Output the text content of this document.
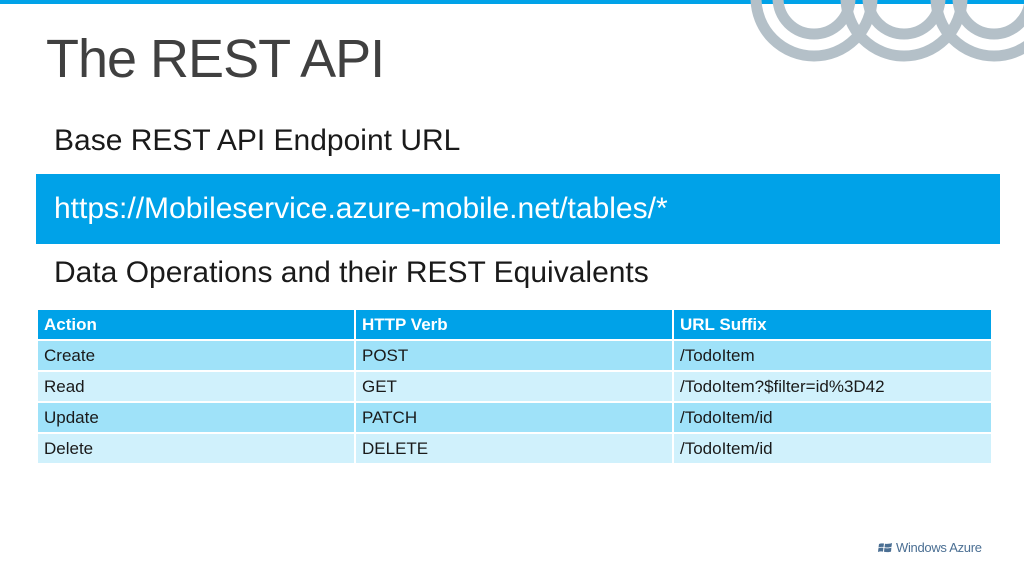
The REST API
Base REST API Endpoint URL
https://Mobileservice.azure-mobile.net/tables/*
Data Operations and their REST Equivalents
Action	HTTP Verb	URL Suffix
Create	POST	/TodoItem
Read	GET	/TodoItem?$filter=id%3D42
Update	PATCH	/TodoItem/id
Delete	DELETE	/TodoItem/id
Windows Azure
